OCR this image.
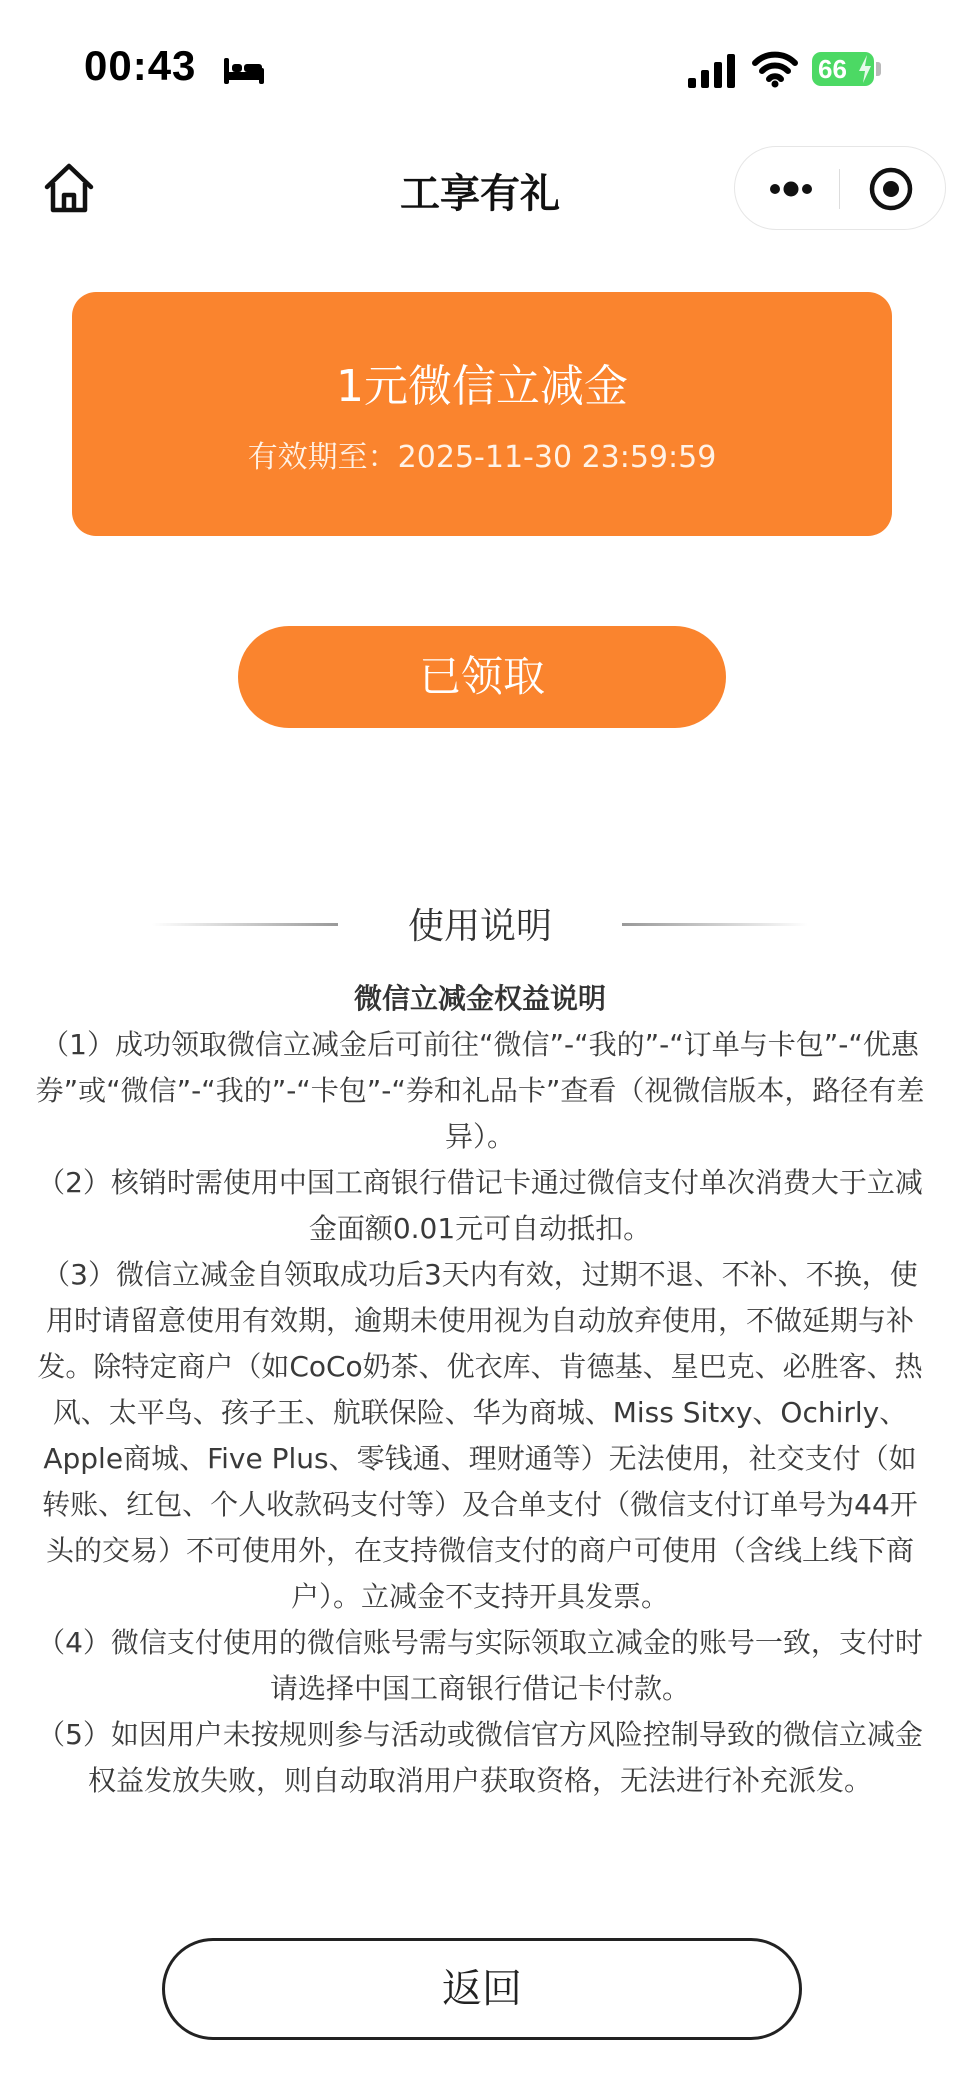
00:43	66
工享有礼
1元微信立减金
有效期至：2025-11-30 23:59:59
已领取
使用说明

微信立减金权益说明

（1）成功领取微信立减金后可前往“微信”-“我的”-“订单与卡包”-“优惠券”或“微信”-“我的”-“卡包”-“券和礼品卡”查看（视微信版本，路径有差异）。

（2）核销时需使用中国工商银行借记卡通过微信支付单次消费大于立减金面额0.01元可自动抵扣。

（3）微信立减金自领取成功后3天内有效，过期不退、不补、不换，使用时请留意使用有效期，逾期未使用视为自动放弃使用，不做延期与补发。除特定商户（如CoCo奶茶、优衣库、肯德基、星巴克、必胜客、热风、太平鸟、孩子王、航联保险、华为商城、Miss Sitxy、Ochirly、Apple商城、Five Plus、零钱通、理财通等）无法使用，社交支付（如转账、红包、个人收款码支付等）及合单支付（微信支付订单号为44开头的交易）不可使用外，在支持微信支付的商户可使用（含线上线下商户）。立减金不支持开具发票。

（4）微信支付使用的微信账号需与实际领取立减金的账号一致，支付时请选择中国工商银行借记卡付款。

（5）如因用户未按规则参与活动或微信官方风险控制导致的微信立减金权益发放失败，则自动取消用户获取资格，无法进行补充派发。

返回
